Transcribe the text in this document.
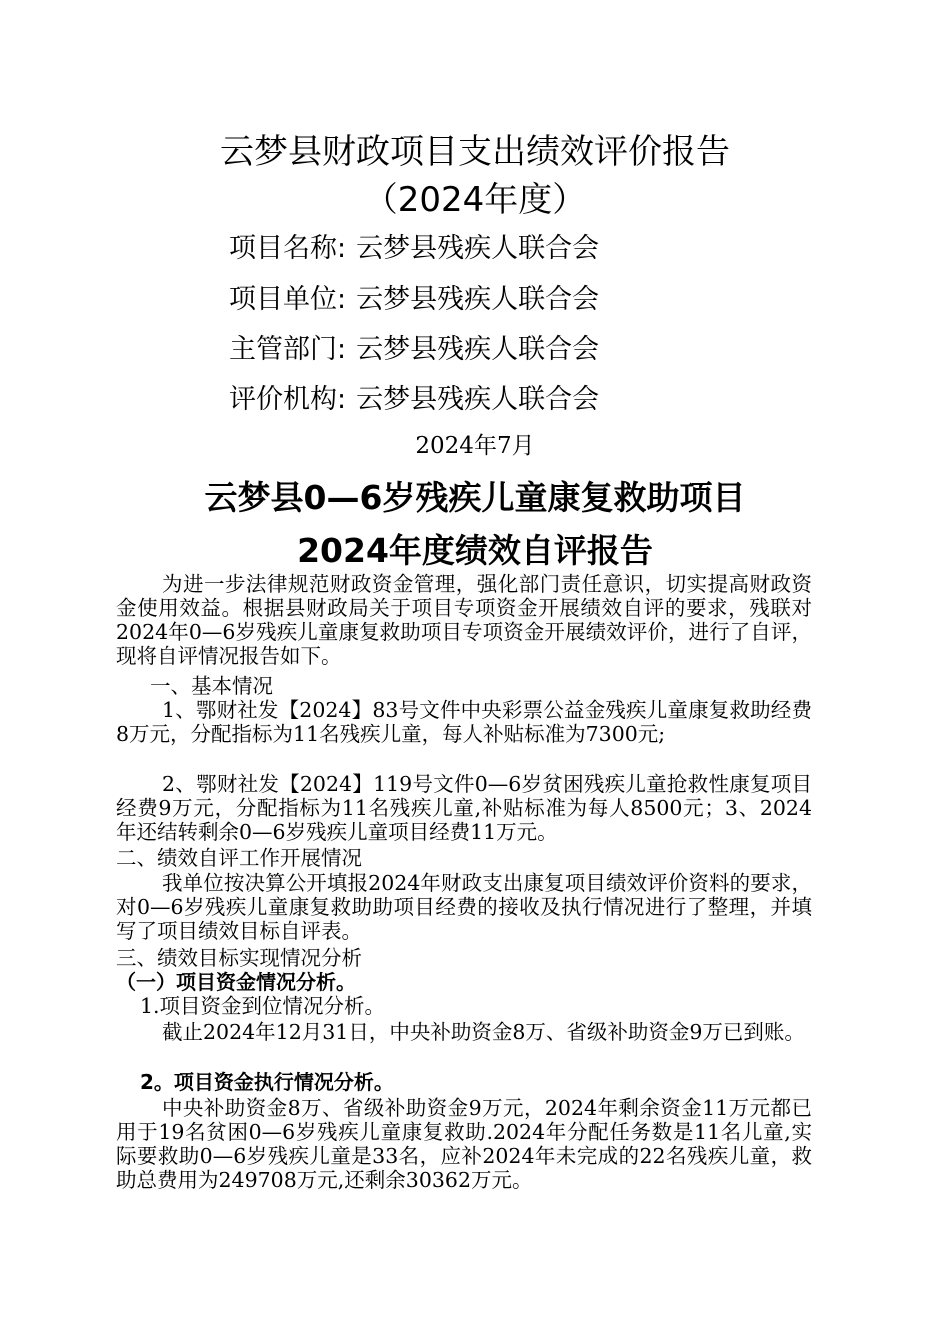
云梦县财政项目支出绩效评价报告
（2024年度）
项目名称: 云梦县残疾人联合会
项目单位: 云梦县残疾人联合会
主管部门: 云梦县残疾人联合会
评价机构: 云梦县残疾人联合会
2024年7月
云梦县0—6岁残疾儿童康复救助项目
2024年度绩效自评报告

为进一步法律规范财政资金管理，强化部门责任意识，切实提高财政资金使用效益。根据县财政局关于项目专项资金开展绩效自评的要求，残联对2024年0—6岁残疾儿童康复救助项目专项资金开展绩效评价，进行了自评，现将自评情况报告如下。

一、基本情况

1、鄂财社发【2024】83号文件中央彩票公益金残疾儿童康复救助经费8万元，分配指标为11名残疾儿童，每人补贴标准为7300元;

2、鄂财社发【2024】119号文件0—6岁贫困残疾儿童抢救性康复项目经费9万元，分配指标为11名残疾儿童,补贴标准为每人8500元；3、2024年还结转剩余0—6岁残疾儿童项目经费11万元。

二、绩效自评工作开展情况

我单位按决算公开填报2024年财政支出康复项目绩效评价资料的要求，对0—6岁残疾儿童康复救助助项目经费的接收及执行情况进行了整理，并填写了项目绩效目标自评表。

三、绩效目标实现情况分析

（一）项目资金情况分析。

1.项目资金到位情况分析。

截止2024年12月31日，中央补助资金8万、省级补助资金9万已到账。

2。项目资金执行情况分析。

中央补助资金8万、省级补助资金9万元，2024年剩余资金11万元都已用于19名贫困0—6岁残疾儿童康复救助.2024年分配任务数是11名儿童,实际要救助0—6岁残疾儿童是33名，应补2024年未完成的22名残疾儿童，救助总费用为249708万元,还剩余30362万元。
